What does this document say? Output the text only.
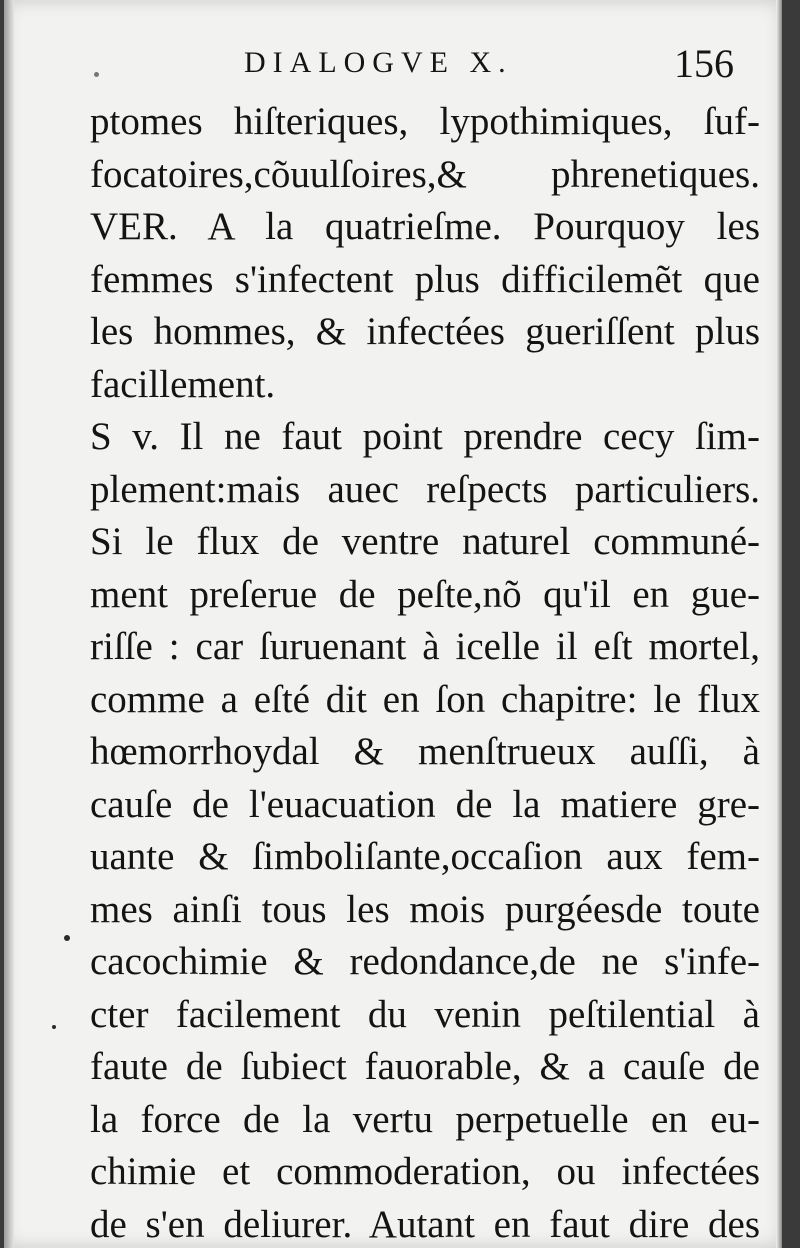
DIALOGVE X.	156
ptomes hiſteriques, lypothimiques, ſuf-
focatoires,cõuulſoires,& phrenetiques.
VER. A la quatrieſme. Pourquoy les
femmes s'infectent plus difficilemẽt que
les hommes, & infectées gueriſſent plus
facillement.
S v. Il ne faut point prendre cecy ſim-
plement:mais auec reſpects particuliers.
Si le flux de ventre naturel communé-
ment preſerue de peſte,nõ qu'il en gue-
riſſe : car ſuruenant à icelle il eſt mortel,
comme a eſté dit en ſon chapitre: le flux
hœmorrhoydal & menſtrueux auſſi, à
cauſe de l'euacuation de la matiere gre-
uante & ſimboliſante,occaſion aux fem-
mes ainſi tous les mois purgéesde toute
cacochimie & redondance,de ne s'infe-
cter facilement du venin peſtilential à
faute de ſubiect fauorable, & a cauſe de
la force de la vertu perpetuelle en eu-
chimie et commoderation, ou infectées
de s'en deliurer. Autant en faut dire des
